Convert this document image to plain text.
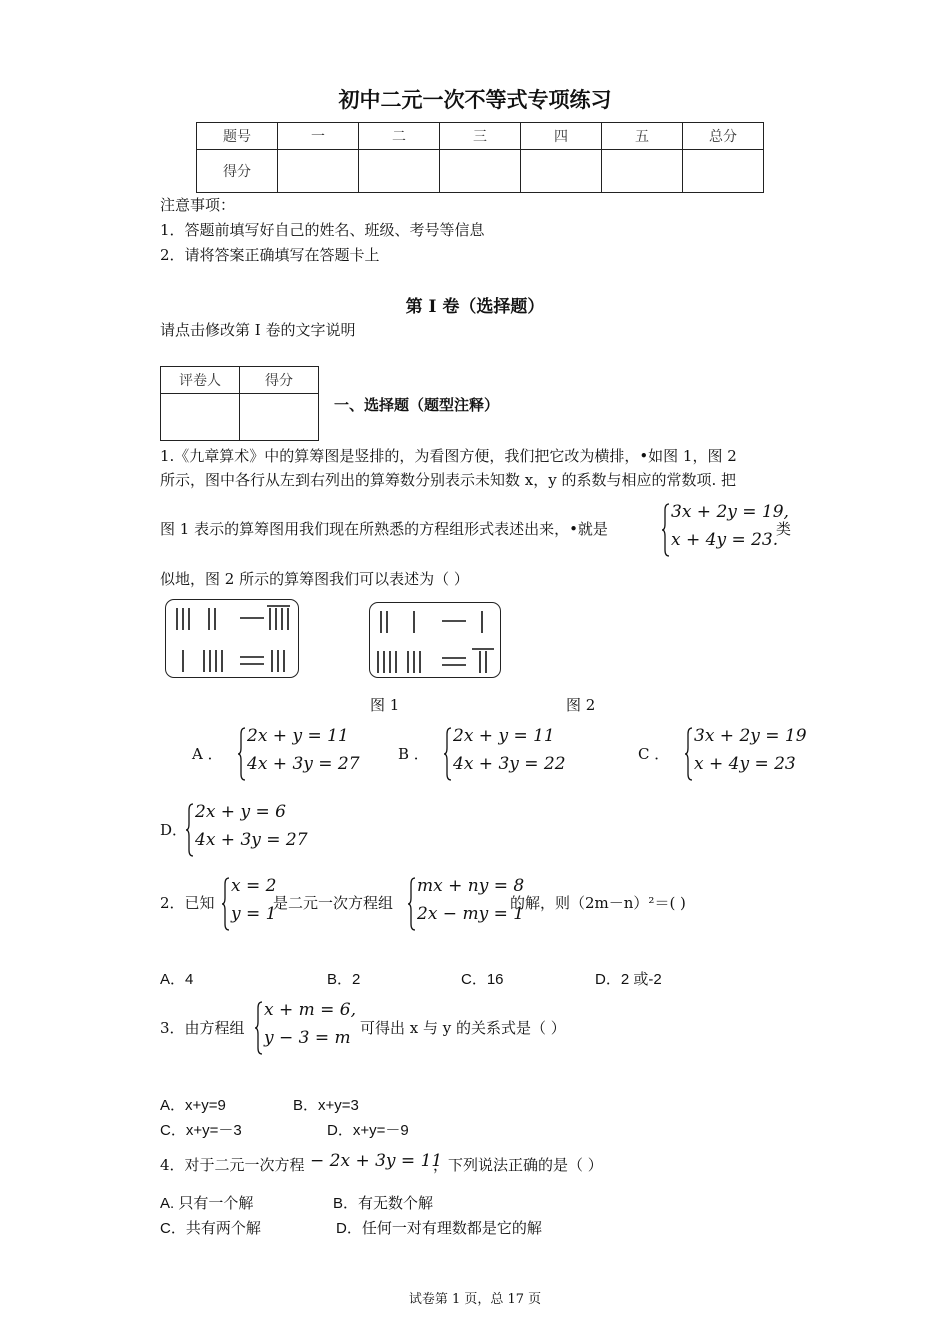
初中二元一次不等式专项练习
题号	一	二	三	四	五	总分
得分						
注意事项：
1．答题前填写好自己的姓名、班级、考号等信息
2．请将答案正确填写在答题卡上
第 I 卷（选择题）
请点击修改第 I 卷的文字说明
评卷人	得分

一、选择题（题型注释）
1.《九章算术》中的算筹图是竖排的，为看图方便，我们把它改为横排，•如图 1，图 2
所示，图中各行从左到右列出的算筹数分别表示未知数 x，y 的系数与相应的常数项. 把
图 1 表示的算筹图用我们现在所熟悉的方程组形式表述出来，•就是
3x + 2y = 19,
x + 4y = 23.
类
似地，图 2 所示的算筹图我们可以表述为（ ）
图 1	图 2
A ．
2x + y = 11
4x + 3y = 27	B ．
2x + y = 11
4x + 3y = 22	C ．
3x + 2y = 19
x + 4y = 23
D．
2x + y = 6
4x + 3y = 27
2．已知
x = 2
y = 1
是二元一次方程组
mx + ny = 8
2x − my = 1
的解，则（2m－n）²＝( )
A．4	B．2	C．16	D．2 或-2
3．由方程组
x + m = 6,
y − 3 = m 可得出 x 与 y 的关系式是（ ）
A．x+y=9	B．x+y=3
C．x+y=－3	D．x+y=－9
4．对于二元一次方程 − 2x + 3y = 11
，下列说法正确的是（ ）
A. 只有一个解	B．有无数个解
C．共有两个解	D．任何一对有理数都是它的解
试卷第 1 页，总 17 页
